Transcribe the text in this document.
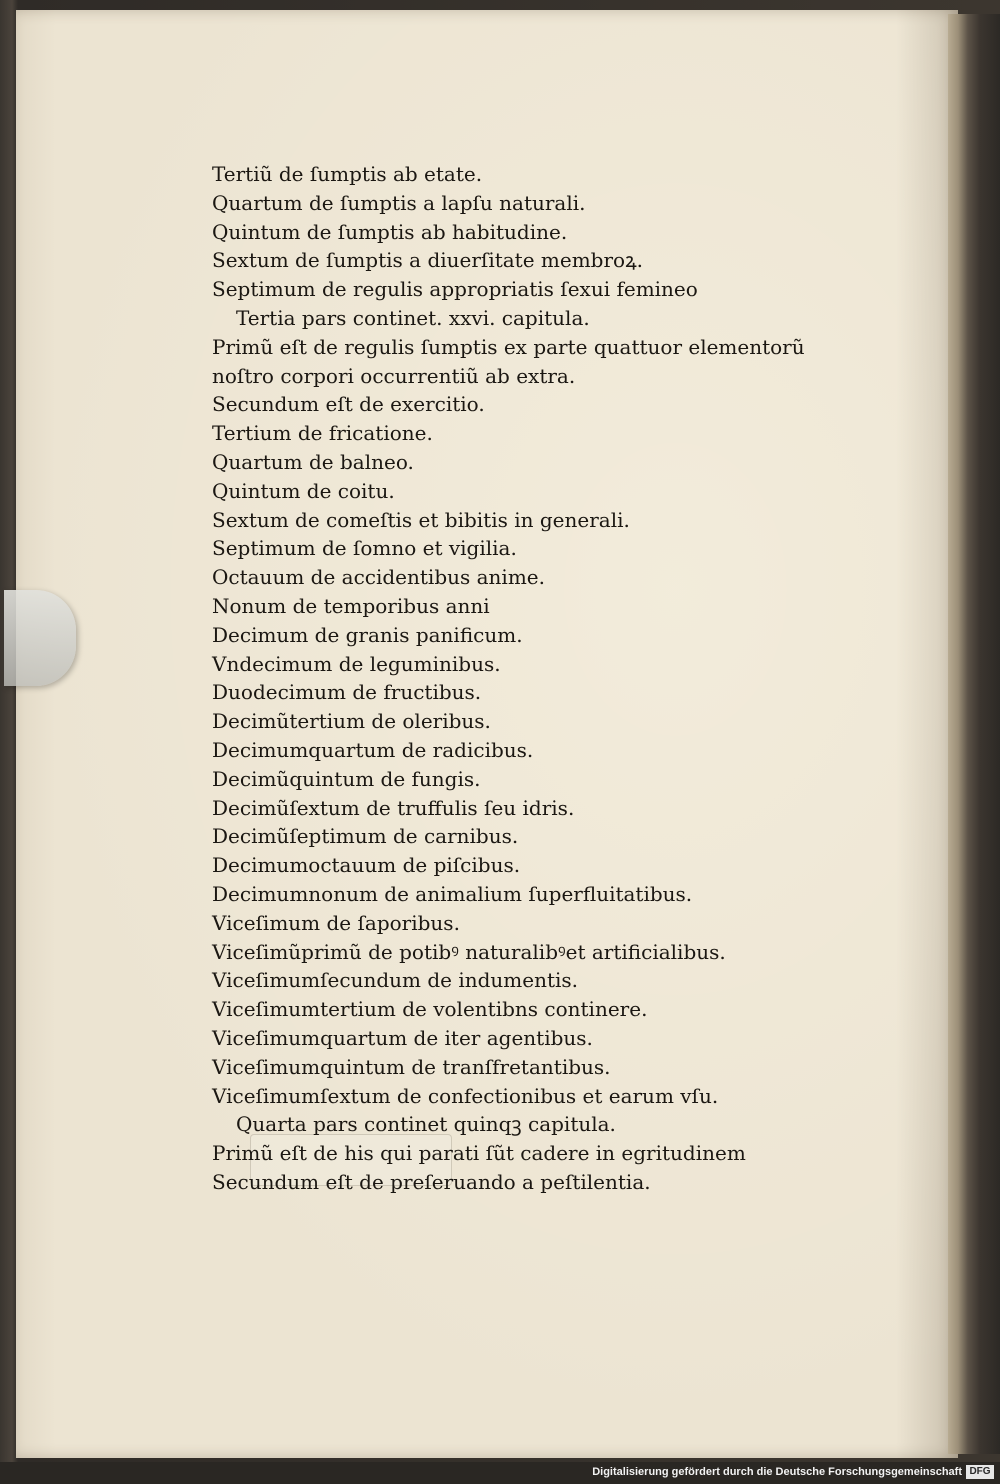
Tertiũ de ſumptis ab etate.
Quartum de ſumptis a lapſu naturali.
Quintum de ſumptis ab habitudine.
Sextum de ſumptis a diuerſitate membroꝝ.
Septimum de regulis appropriatis ſexui femineo
Tertia pars continet. xxvi. capitula.
Primũ eſt de regulis ſumptis ex parte quattuor elementorũ
noſtro corpori occurrentiũ ab extra.
Secundum eſt de exercitio.
Tertium de fricatione.
Quartum de balneo.
Quintum de coitu.
Sextum de comeſtis et bibitis in generali.
Septimum de ſomno et vigilia.
Octauum de accidentibus anime.
Nonum de temporibus anni
Decimum de granis panificum.
Vndecimum de leguminibus.
Duodecimum de fructibus.
Decimũtertium de oleribus.
Decimumquartum de radicibus.
Decimũquintum de fungis.
Decimũſextum de truffulis ſeu idris.
Decimũſeptimum de carnibus.
Decimumoctauum de piſcibus.
Decimumnonum de animalium ſuperfluitatibus.
Viceſimum de ſaporibus.
Viceſimũprimũ de potibꝰ naturalibꝰet artificialibus.
Viceſimumſecundum de indumentis.
Viceſimumtertium de volentibns continere.
Viceſimumquartum de iter agentibus.
Viceſimumquintum de tranſfretantibus.
Viceſimumſextum de confectionibus et earum vſu.
Quarta pars continet quinqꝫ capitula.
Primũ eſt de his qui parati ſũt cadere in egritudinem
Secundum eſt de preſeruando a peſtilentia.
Digitalisierung gefördert durch die Deutsche Forschungsgemeinschaft DFG
